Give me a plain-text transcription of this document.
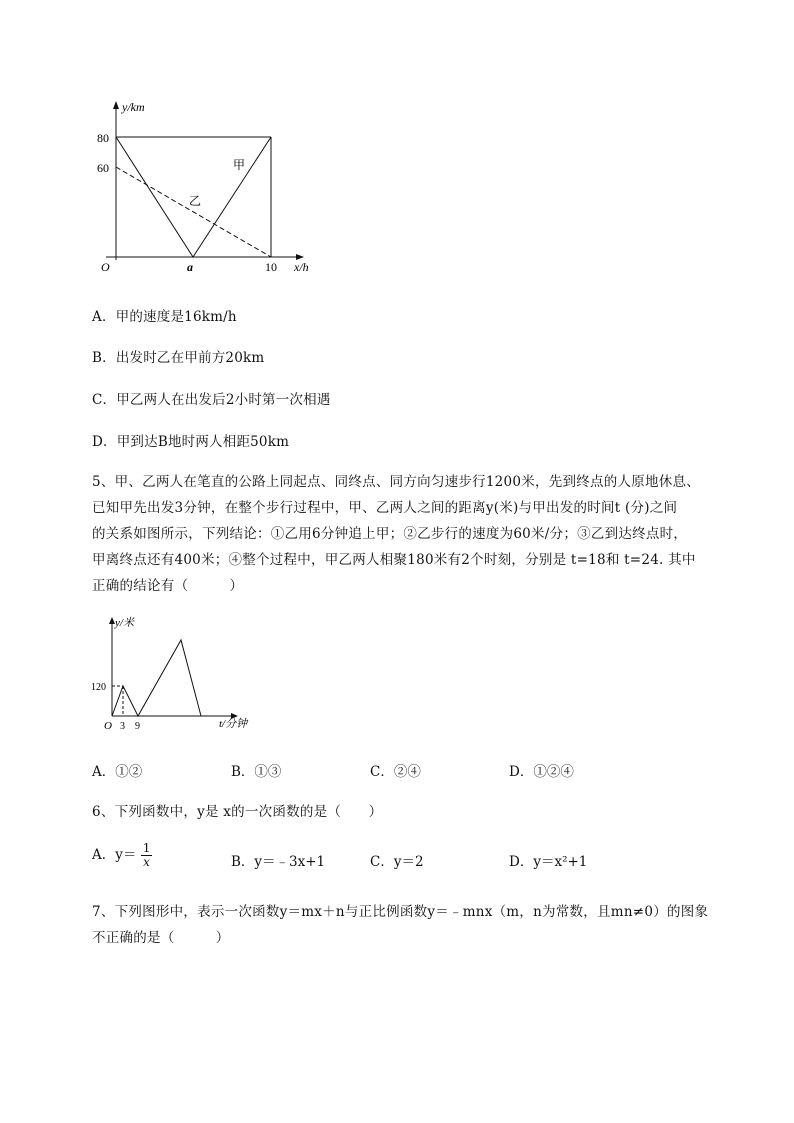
y/km
80
60
O	a	10 x/h
甲
乙
A．甲的速度是16km/h
B．出发时乙在甲前方20km
C．甲乙两人在出发后2小时第一次相遇
D．甲到达B地时两人相距50km
5、甲、乙两人在笔直的公路上同起点、同终点、同方向匀速步行1200米，先到终点的人原地休息、
已知甲先出发3分钟，在整个步行过程中，甲、乙两人之间的距离y(米)与甲出发的时间t (分)之间
的关系如图所示，下列结论：①乙用6分钟追上甲；②乙步行的速度为60米/分；③乙到达终点时，
甲离终点还有400米；④整个过程中，甲乙两人相聚180米有2个时刻，分别是 t=18和 t=24. 其中
正确的结论有（　　　）
y/米
120
O 3 9	t/分钟
A．①②	B．①③	C．②④	D．①②④
6、下列函数中，y是 x的一次函数的是（　　）
A．$y= \frac{1}{x}$	B．y＝﹣3x+1	C．y＝2	D．y＝x²+1
7、下列图形中，表示一次函数y＝mx＋n与正比例函数y＝﹣mnx（m，n为常数，且mn≠0）的图象
不正确的是（　　　）
